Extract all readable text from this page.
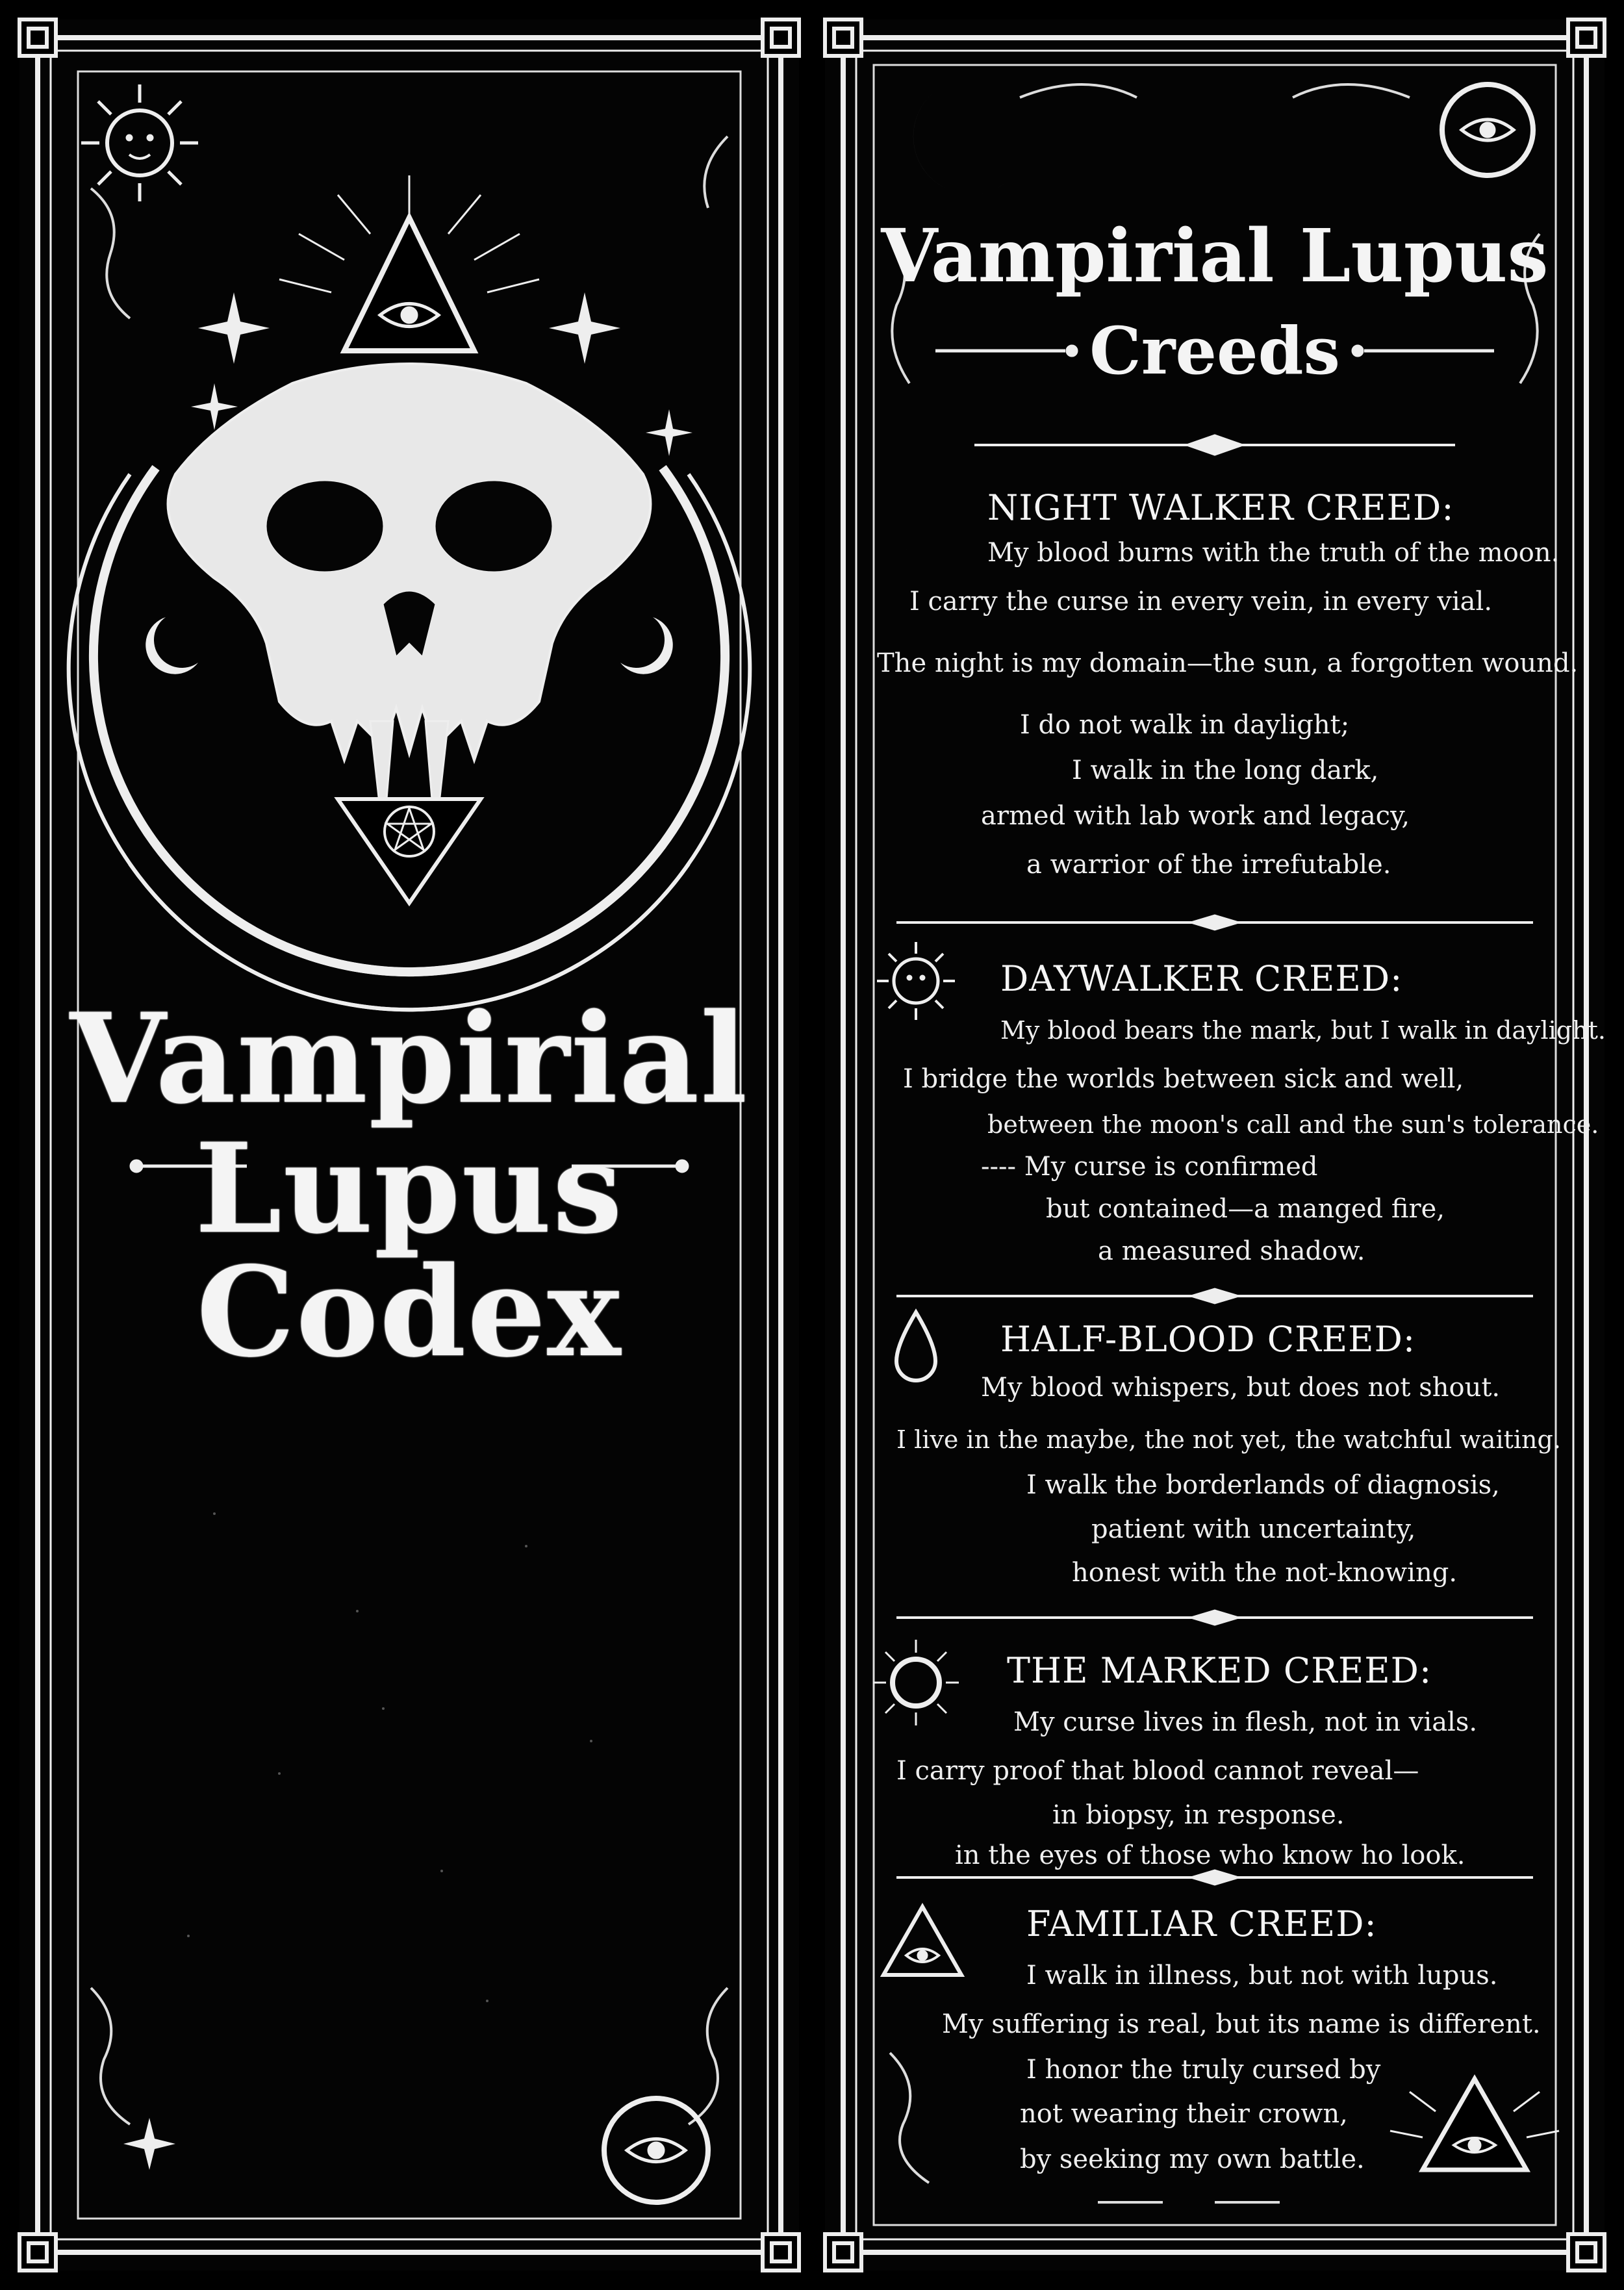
Vampirial
Lupus
Codex
Vampirial Lupus
Creeds
NIGHT WALKER CREED:
My blood burns with the truth of the moon.
I carry the curse in every vein, in every vial.
The night is my domain—the sun, a forgotten wound.
I do not walk in daylight;
I walk in the long dark,
armed with lab work and legacy,
a warrior of the irrefutable.
DAYWALKER CREED:
My blood bears the mark, but I walk in daylight.
I bridge the worlds between sick and well,
between the moon's call and the sun's tolerance.
---- My curse is confirmed
but contained—a manged fire,
a measured shadow.
HALF-BLOOD CREED:
My blood whispers, but does not shout.
I live in the maybe, the not yet, the watchful waiting.
I walk the borderlands of diagnosis,
patient with uncertainty,
honest with the not-knowing.
THE MARKED CREED:
My curse lives in flesh, not in vials.
I carry proof that blood cannot reveal—
in biopsy, in response.
in the eyes of those who know ho look.
FAMILIAR CREED:
I walk in illness, but not with lupus.
My suffering is real, but its name is different.
I honor the truly cursed by
not wearing their crown,
by seeking my own battle.
